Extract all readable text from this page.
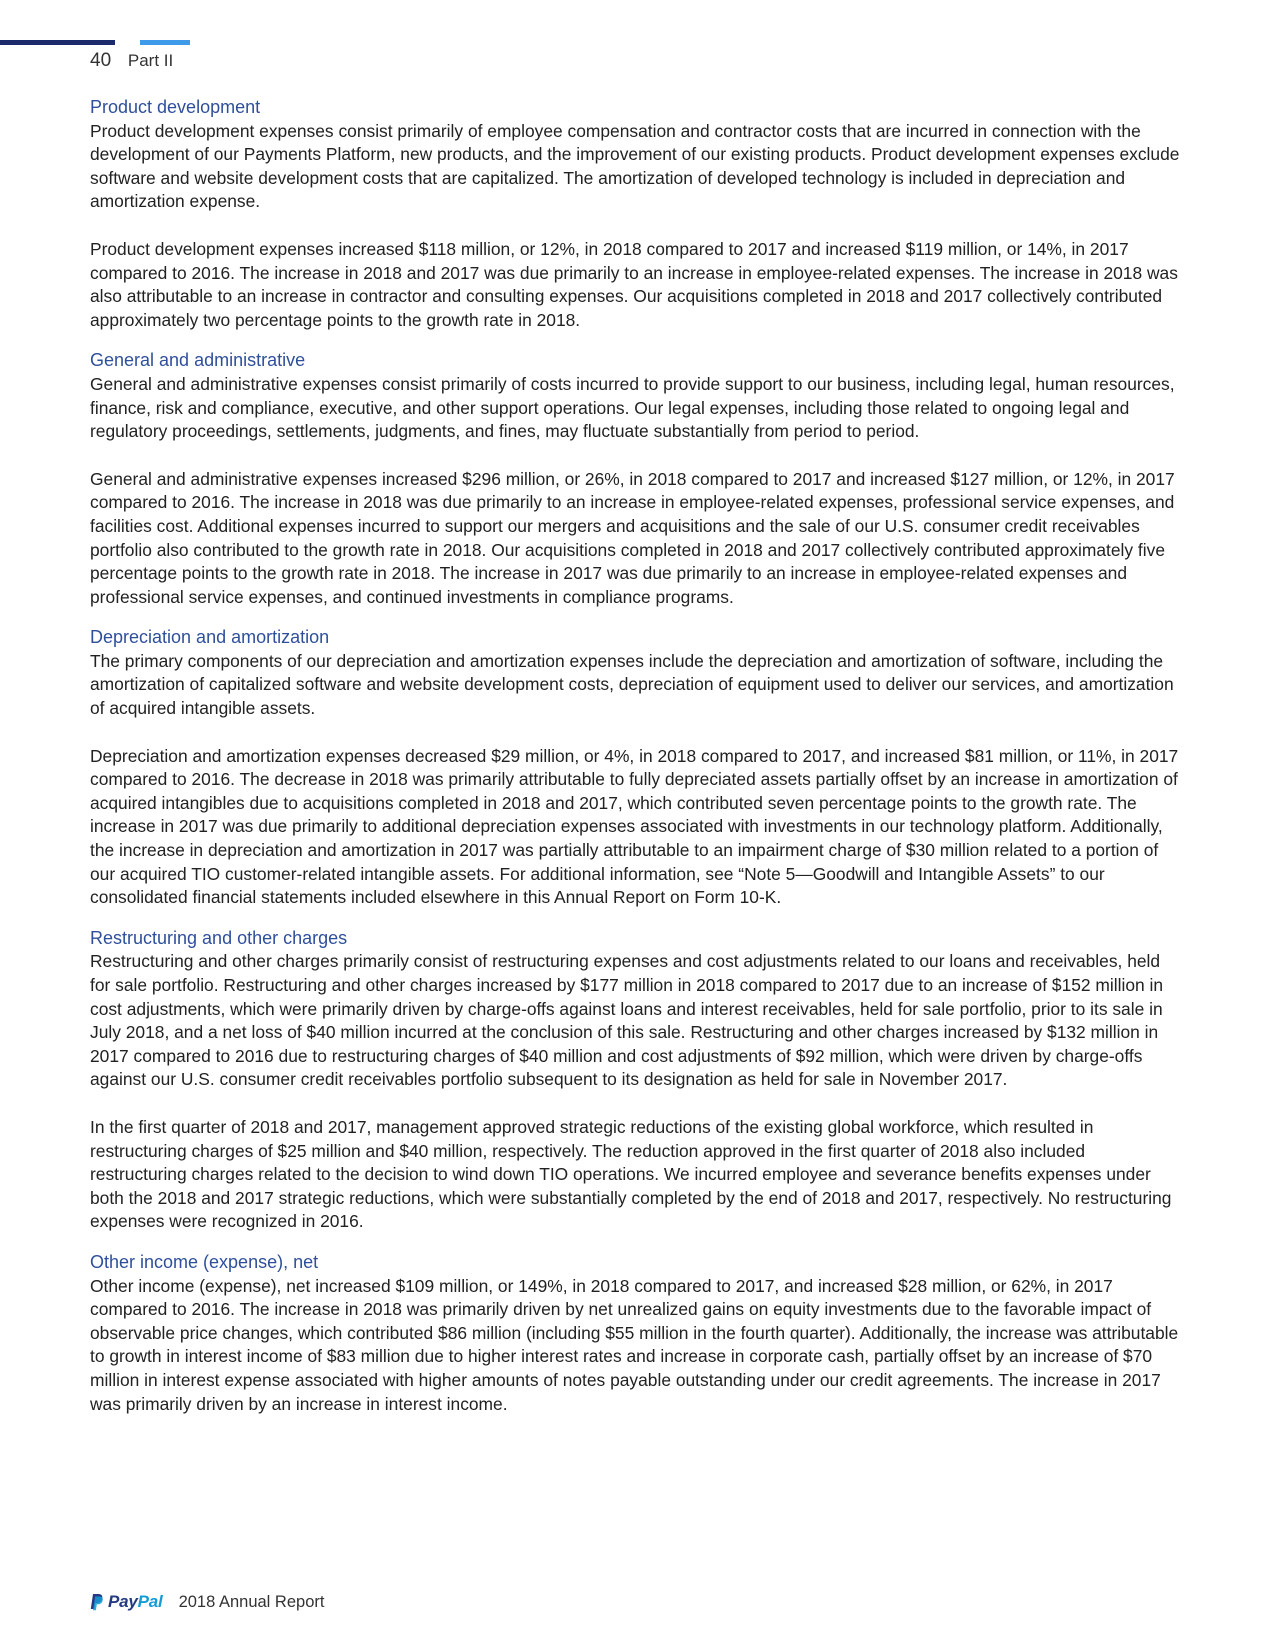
40 Part II
Product development

Product development expenses consist primarily of employee compensation and contractor costs that are incurred in connection with the development of our Payments Platform, new products, and the improvement of our existing products. Product development expenses exclude software and website development costs that are capitalized. The amortization of developed technology is included in depreciation and amortization expense.

Product development expenses increased $118 million, or 12%, in 2018 compared to 2017 and increased $119 million, or 14%, in 2017 compared to 2016. The increase in 2018 and 2017 was due primarily to an increase in employee-related expenses. The increase in 2018 was also attributable to an increase in contractor and consulting expenses. Our acquisitions completed in 2018 and 2017 collectively contributed approximately two percentage points to the growth rate in 2018.

General and administrative

General and administrative expenses consist primarily of costs incurred to provide support to our business, including legal, human resources, finance, risk and compliance, executive, and other support operations. Our legal expenses, including those related to ongoing legal and regulatory proceedings, settlements, judgments, and fines, may fluctuate substantially from period to period.

General and administrative expenses increased $296 million, or 26%, in 2018 compared to 2017 and increased $127 million, or 12%, in 2017 compared to 2016. The increase in 2018 was due primarily to an increase in employee-related expenses, professional service expenses, and facilities cost. Additional expenses incurred to support our mergers and acquisitions and the sale of our U.S. consumer credit receivables portfolio also contributed to the growth rate in 2018. Our acquisitions completed in 2018 and 2017 collectively contributed approximately five percentage points to the growth rate in 2018. The increase in 2017 was due primarily to an increase in employee-related expenses and professional service expenses, and continued investments in compliance programs.

Depreciation and amortization

The primary components of our depreciation and amortization expenses include the depreciation and amortization of software, including the amortization of capitalized software and website development costs, depreciation of equipment used to deliver our services, and amortization of acquired intangible assets.

Depreciation and amortization expenses decreased $29 million, or 4%, in 2018 compared to 2017, and increased $81 million, or 11%, in 2017 compared to 2016. The decrease in 2018 was primarily attributable to fully depreciated assets partially offset by an increase in amortization of acquired intangibles due to acquisitions completed in 2018 and 2017, which contributed seven percentage points to the growth rate. The increase in 2017 was due primarily to additional depreciation expenses associated with investments in our technology platform. Additionally, the increase in depreciation and amortization in 2017 was partially attributable to an impairment charge of $30 million related to a portion of our acquired TIO customer-related intangible assets. For additional information, see “Note 5—Goodwill and Intangible Assets” to our consolidated financial statements included elsewhere in this Annual Report on Form 10-K.

Restructuring and other charges

Restructuring and other charges primarily consist of restructuring expenses and cost adjustments related to our loans and receivables, held for sale portfolio. Restructuring and other charges increased by $177 million in 2018 compared to 2017 due to an increase of $152 million in cost adjustments, which were primarily driven by charge-offs against loans and interest receivables, held for sale portfolio, prior to its sale in July 2018, and a net loss of $40 million incurred at the conclusion of this sale. Restructuring and other charges increased by $132 million in 2017 compared to 2016 due to restructuring charges of $40 million and cost adjustments of $92 million, which were driven by charge-offs against our U.S. consumer credit receivables portfolio subsequent to its designation as held for sale in November 2017.

In the first quarter of 2018 and 2017, management approved strategic reductions of the existing global workforce, which resulted in restructuring charges of $25 million and $40 million, respectively. The reduction approved in the first quarter of 2018 also included restructuring charges related to the decision to wind down TIO operations. We incurred employee and severance benefits expenses under both the 2018 and 2017 strategic reductions, which were substantially completed by the end of 2018 and 2017, respectively. No restructuring expenses were recognized in 2016.

Other income (expense), net

Other income (expense), net increased $109 million, or 149%, in 2018 compared to 2017, and increased $28 million, or 62%, in 2017 compared to 2016. The increase in 2018 was primarily driven by net unrealized gains on equity investments due to the favorable impact of observable price changes, which contributed $86 million (including $55 million in the fourth quarter). Additionally, the increase was attributable to growth in interest income of $83 million due to higher interest rates and increase in corporate cash, partially offset by an increase of $70 million in interest expense associated with higher amounts of notes payable outstanding under our credit agreements. The increase in 2017 was primarily driven by an increase in interest income.

PayPal 2018 Annual Report
